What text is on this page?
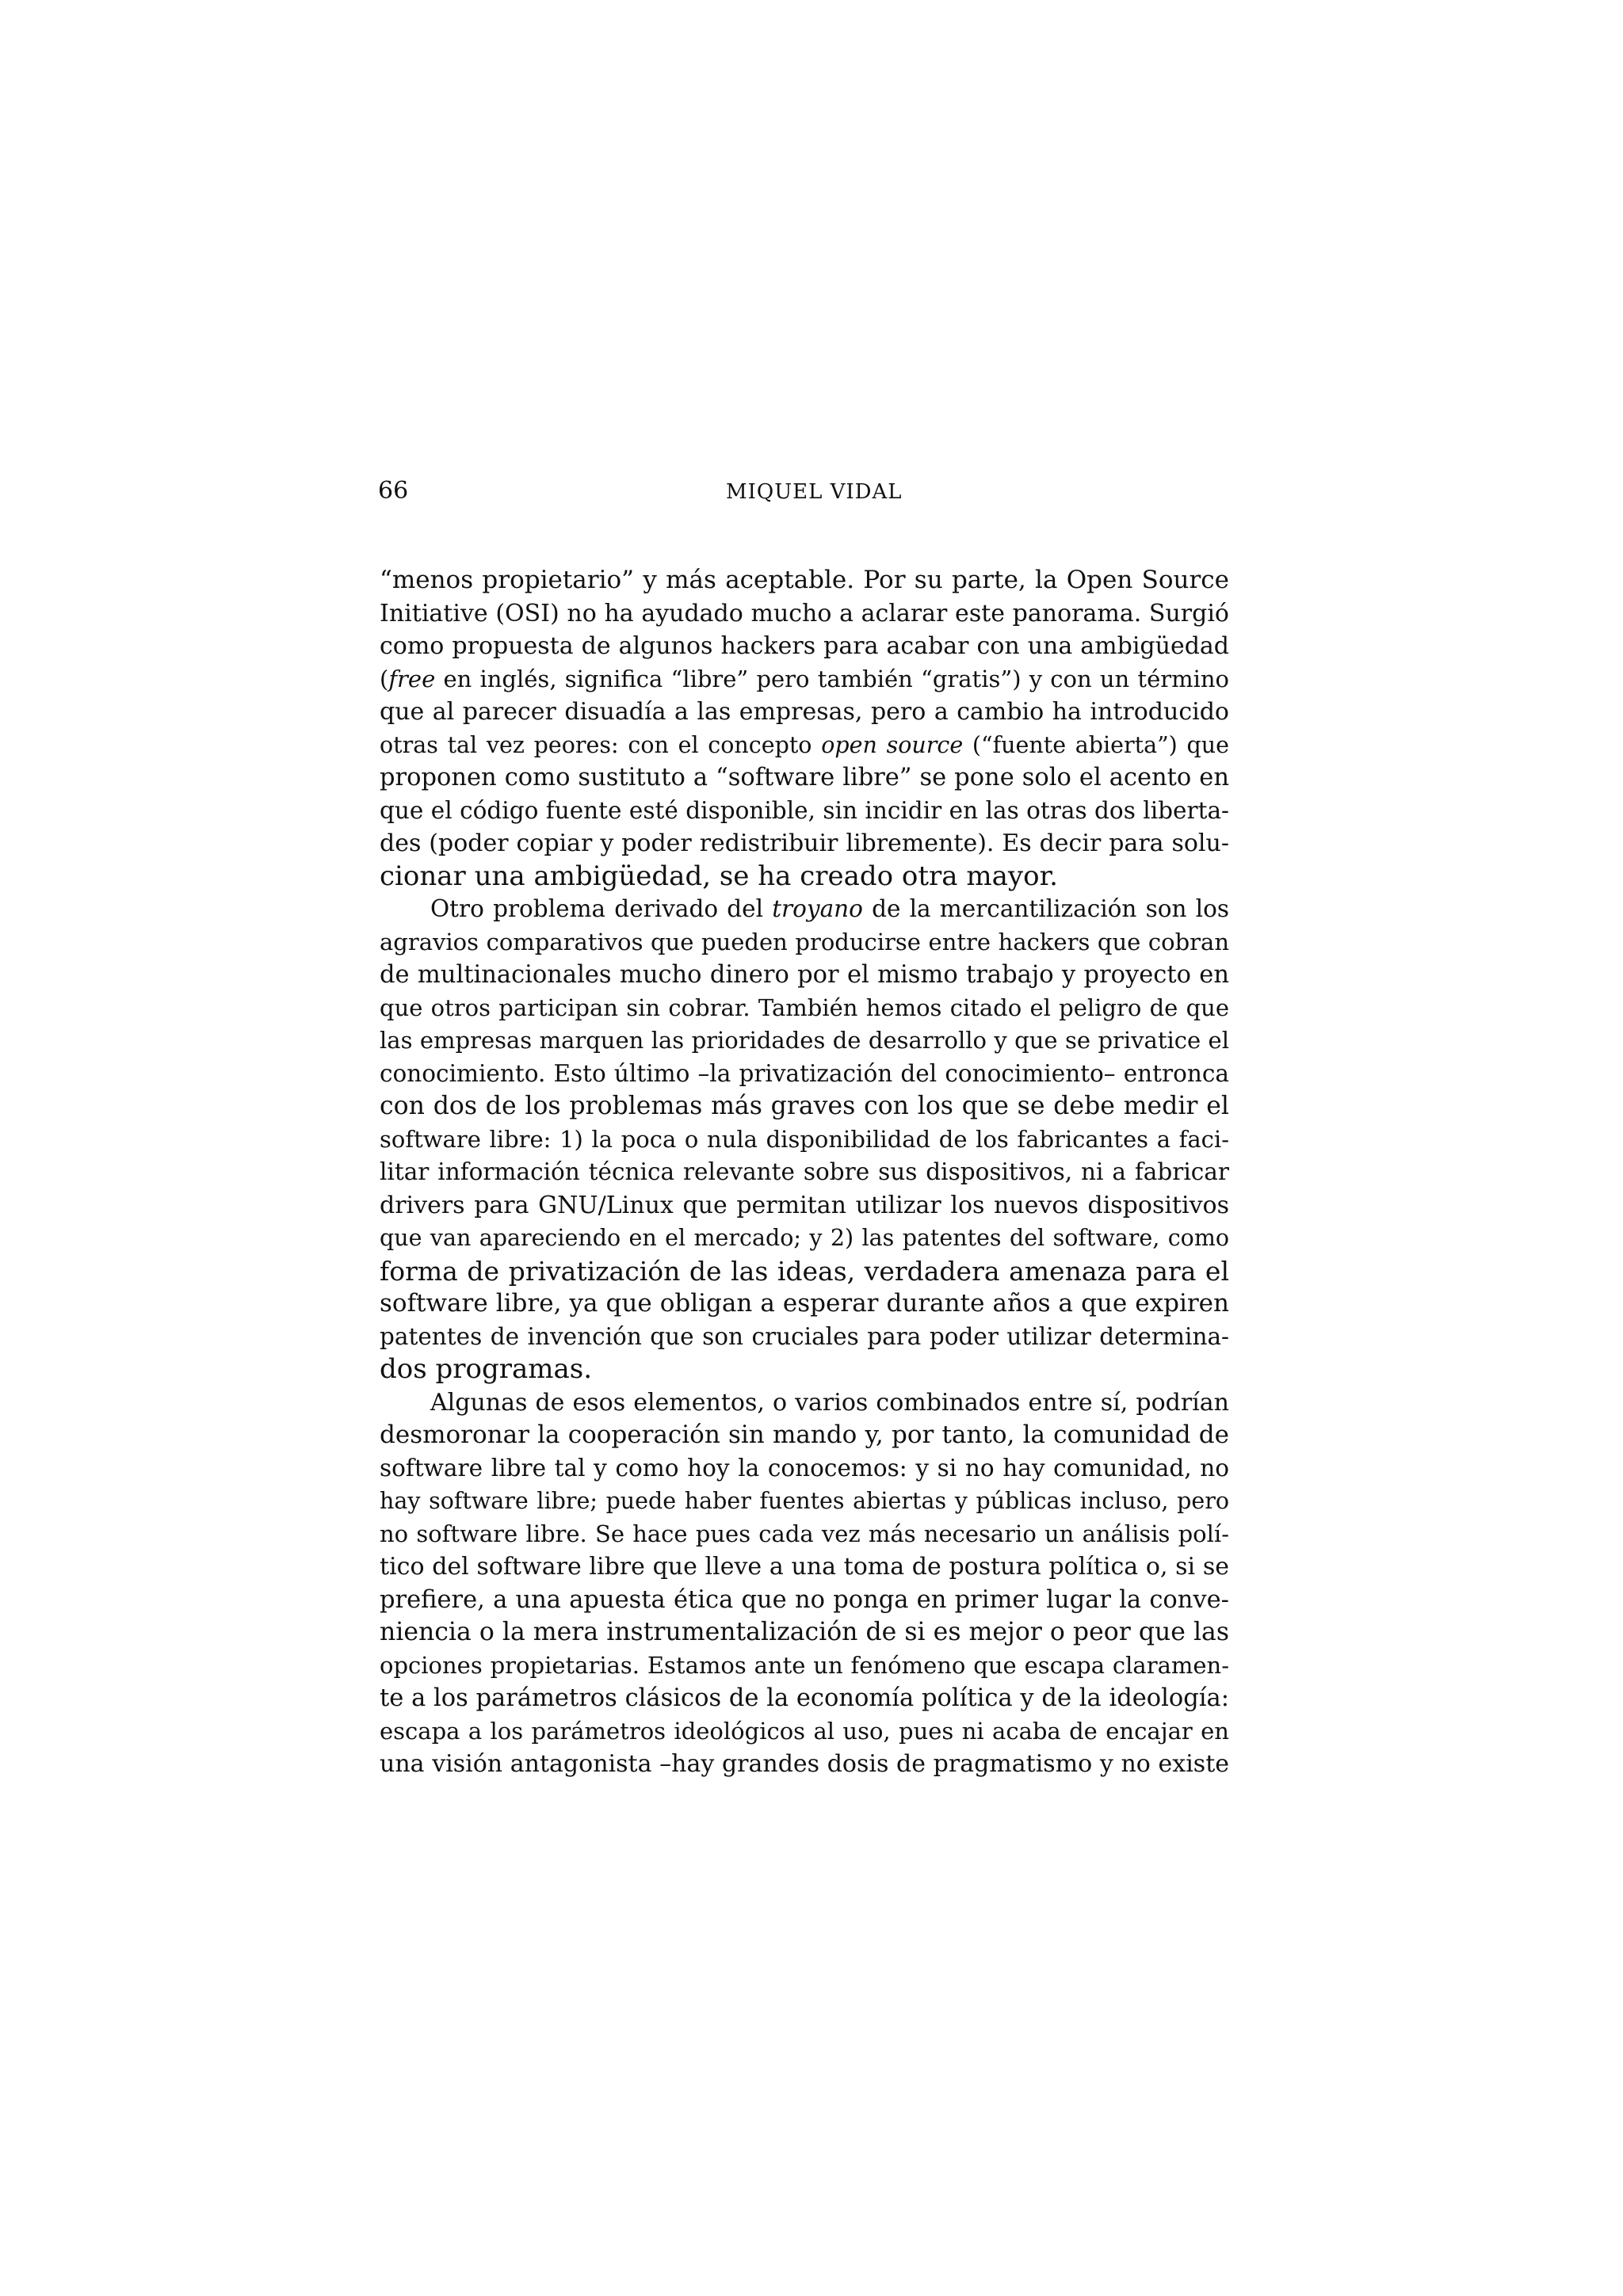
66	MIQUEL VIDAL
“menos propietario” y más aceptable. Por su parte, la Open Source
Initiative (OSI) no ha ayudado mucho a aclarar este panorama. Surgió
como propuesta de algunos hackers para acabar con una ambigüedad
(free en inglés, significa “libre” pero también “gratis”) y con un término
que al parecer disuadía a las empresas, pero a cambio ha introducido
otras tal vez peores: con el concepto open source (“fuente abierta”) que
proponen como sustituto a “software libre” se pone solo el acento en
que el código fuente esté disponible, sin incidir en las otras dos liberta-
des (poder copiar y poder redistribuir libremente). Es decir para solu-
cionar una ambigüedad, se ha creado otra mayor.
Otro problema derivado del troyano de la mercantilización son los
agravios comparativos que pueden producirse entre hackers que cobran
de multinacionales mucho dinero por el mismo trabajo y proyecto en
que otros participan sin cobrar. También hemos citado el peligro de que
las empresas marquen las prioridades de desarrollo y que se privatice el
conocimiento. Esto último –la privatización del conocimiento– entronca
con dos de los problemas más graves con los que se debe medir el
software libre: 1) la poca o nula disponibilidad de los fabricantes a faci-
litar información técnica relevante sobre sus dispositivos, ni a fabricar
drivers para GNU/Linux que permitan utilizar los nuevos dispositivos
que van apareciendo en el mercado; y 2) las patentes del software, como
forma de privatización de las ideas, verdadera amenaza para el
software libre, ya que obligan a esperar durante años a que expiren
patentes de invención que son cruciales para poder utilizar determina-
dos programas.
Algunas de esos elementos, o varios combinados entre sí, podrían
desmoronar la cooperación sin mando y, por tanto, la comunidad de
software libre tal y como hoy la conocemos: y si no hay comunidad, no
hay software libre; puede haber fuentes abiertas y públicas incluso, pero
no software libre. Se hace pues cada vez más necesario un análisis polí-
tico del software libre que lleve a una toma de postura política o, si se
prefiere, a una apuesta ética que no ponga en primer lugar la conve-
niencia o la mera instrumentalización de si es mejor o peor que las
opciones propietarias. Estamos ante un fenómeno que escapa claramen-
te a los parámetros clásicos de la economía política y de la ideología:
escapa a los parámetros ideológicos al uso, pues ni acaba de encajar en
una visión antagonista –hay grandes dosis de pragmatismo y no existe
